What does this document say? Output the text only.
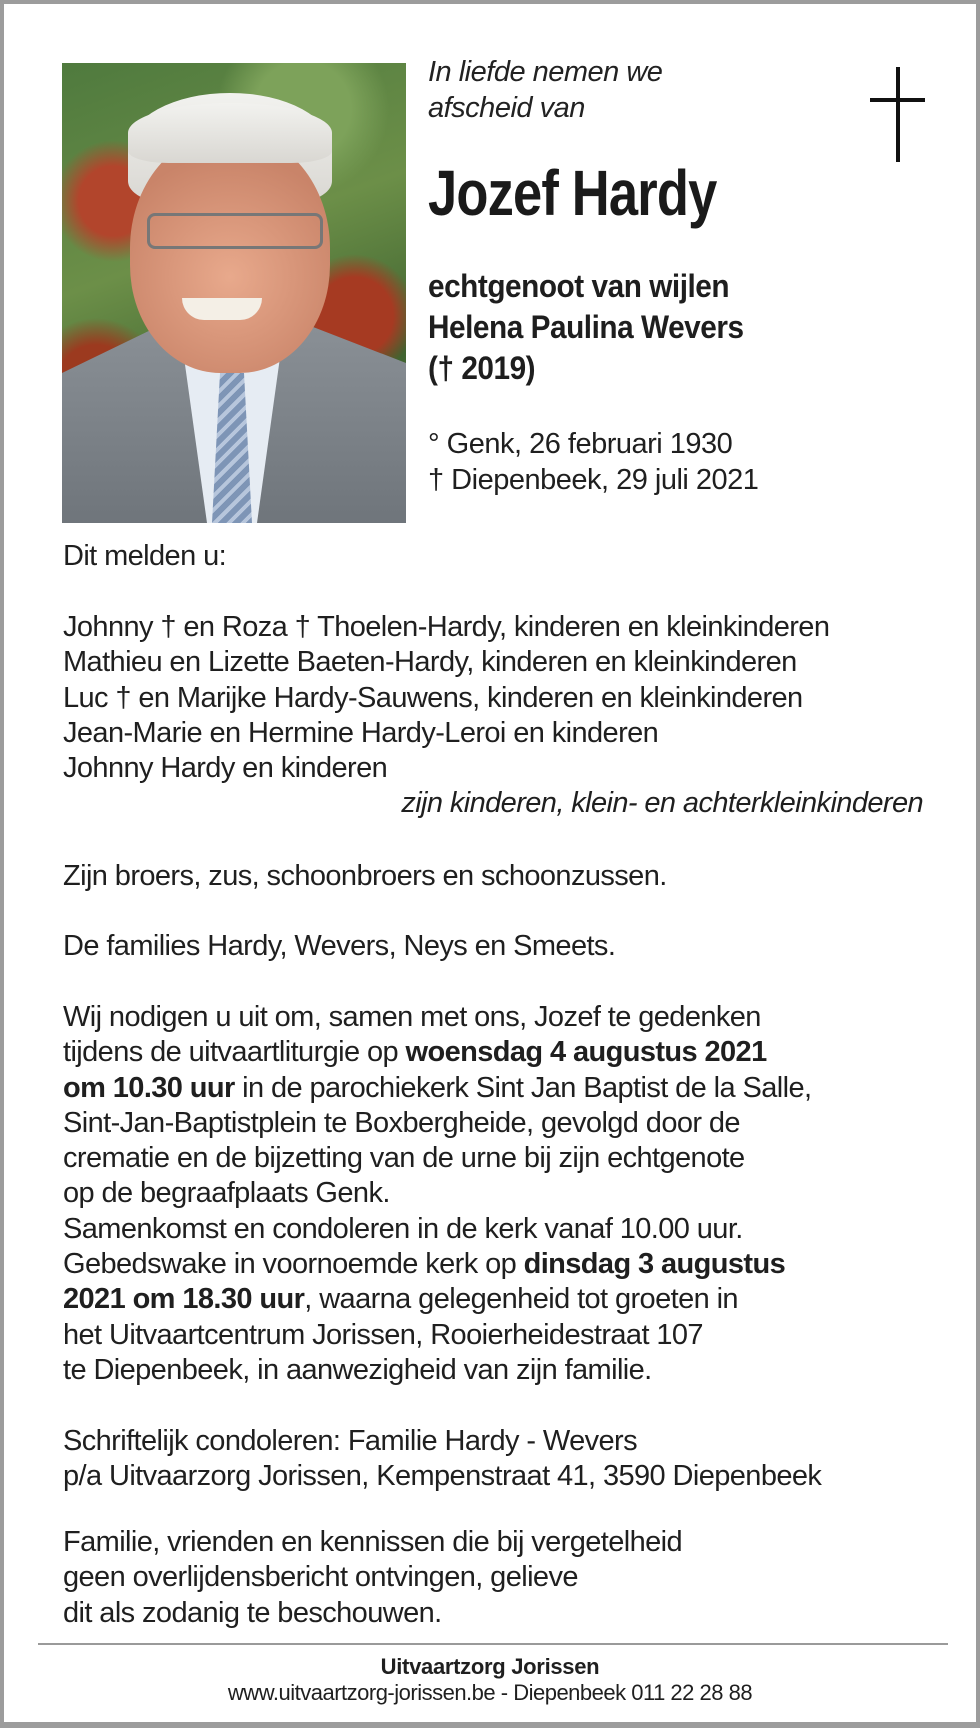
In liefde nemen we
afscheid van
Jozef Hardy
echtgenoot van wijlen
Helena Paulina Wevers
(† 2019)
° Genk, 26 februari 1930
† Diepenbeek, 29 juli 2021
Dit melden u:
Johnny † en Roza † Thoelen-Hardy, kinderen en kleinkinderen
Mathieu en Lizette Baeten-Hardy, kinderen en kleinkinderen
Luc † en Marijke Hardy-Sauwens, kinderen en kleinkinderen
Jean-Marie en Hermine Hardy-Leroi en kinderen
Johnny Hardy en kinderen
zijn kinderen, klein- en achterkleinkinderen
Zijn broers, zus, schoonbroers en schoonzussen.
De families Hardy, Wevers, Neys en Smeets.
Wij nodigen u uit om, samen met ons, Jozef te gedenken
tijdens de uitvaartliturgie op woensdag 4 augustus 2021
om 10.30 uur in de parochiekerk Sint Jan Baptist de la Salle,
Sint-Jan-Baptistplein te Boxbergheide, gevolgd door de
crematie en de bijzetting van de urne bij zijn echtgenote
op de begraafplaats Genk.
Samenkomst en condoleren in de kerk vanaf 10.00 uur.
Gebedswake in voornoemde kerk op dinsdag 3 augustus
2021 om 18.30 uur, waarna gelegenheid tot groeten in
het Uitvaartcentrum Jorissen, Rooierheidestraat 107
te Diepenbeek, in aanwezigheid van zijn familie.
Schriftelijk condoleren: Familie Hardy - Wevers
p/a Uitvaarzorg Jorissen, Kempenstraat 41, 3590 Diepenbeek
Familie, vrienden en kennissen die bij vergetelheid
geen overlijdensbericht ontvingen, gelieve
dit als zodanig te beschouwen.
Uitvaartzorg Jorissen
www.uitvaartzorg-jorissen.be - Diepenbeek 011 22 28 88
